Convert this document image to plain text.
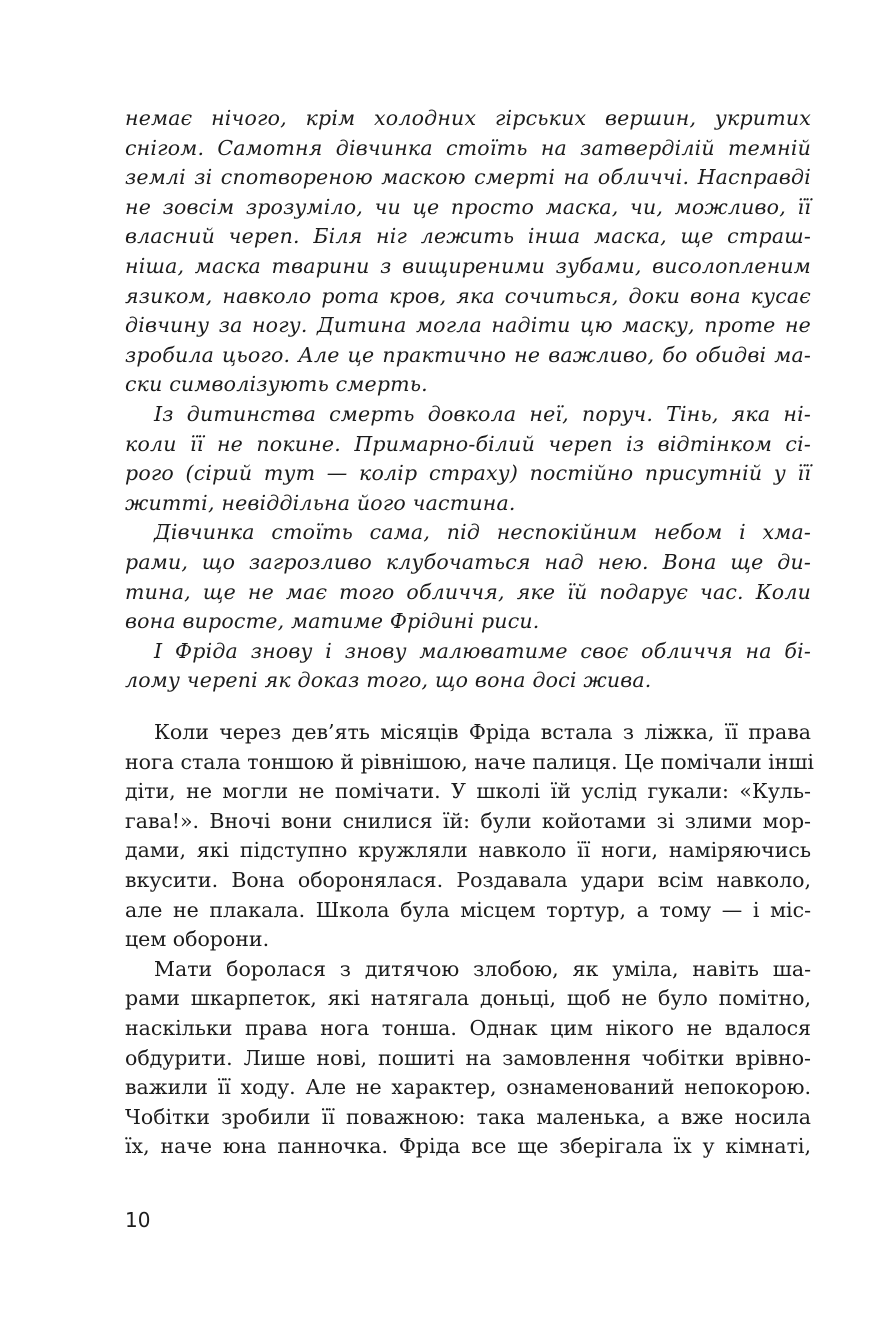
немає нічого, крім холодних гірських вершин, укритих
снігом. Самотня дівчинка стоїть на затверділій темній
землі зі спотвореною маскою смерті на обличчі. Насправді
не зовсім зрозуміло, чи це просто маска, чи, можливо, її
власний череп. Біля ніг лежить інша маска, ще страш-
ніша, маска тварини з вищиреними зубами, висолопленим
язиком, навколо рота кров, яка сочиться, доки вона кусає
дівчину за ногу. Дитина могла надіти цю маску, проте не
зробила цього. Але це практично не важливо, бо обидві ма-
ски символізують смерть.
Із дитинства смерть довкола неї, поруч. Тінь, яка ні-
коли її не покине. Примарно-білий череп із відтінком сі-
рого (сірий тут — колір страху) постійно присутній у її
житті, невіддільна його частина.
Дівчинка стоїть сама, під неспокійним небом і хма-
рами, що загрозливо клубочаться над нею. Вона ще ди-
тина, ще не має того обличчя, яке їй подарує час. Коли
вона виросте, матиме Фрідині риси.
І Фріда знову і знову малюватиме своє обличчя на бі-
лому черепі як доказ того, що вона досі жива.
Коли через дев’ять місяців Фріда встала з ліжка, її права
нога стала тоншою й рівнішою, наче палиця. Це помічали інші
діти, не могли не помічати. У школі їй услід гукали: «Куль-
гава!». Вночі вони снилися їй: були койотами зі злими мор-
дами, які підступно кружляли навколо її ноги, наміряючись
вкусити. Вона оборонялася. Роздавала удари всім навколо,
але не плакала. Школа була місцем тортур, а тому — і міс-
цем оборони.
Мати боролася з дитячою злобою, як уміла, навіть ша-
рами шкарпеток, які натягала доньці, щоб не було помітно,
наскільки права нога тонша. Однак цим нікого не вдалося
обдурити. Лише нові, пошиті на замовлення чобітки врівно-
важили її ходу. Але не характер, ознаменований непокорою.
Чобітки зробили її поважною: така маленька, а вже носила
їх, наче юна панночка. Фріда все ще зберігала їх у кімнаті,
10
